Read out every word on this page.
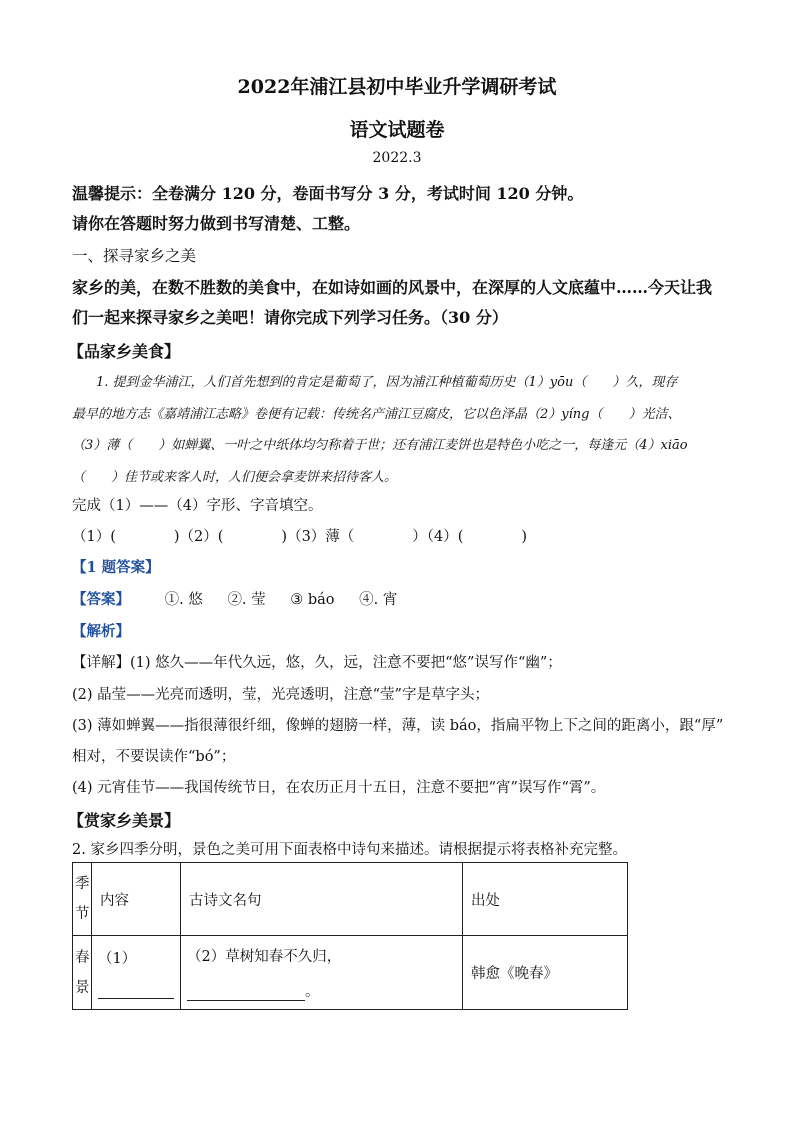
2022年浦江县初中毕业升学调研考试
语文试题卷
2022.3
温馨提示：全卷满分 120 分，卷面书写分 3 分，考试时间 120 分钟。
请你在答题时努力做到书写清楚、工整。
一、探寻家乡之美
家乡的美，在数不胜数的美食中，在如诗如画的风景中，在深厚的人文底蕴中……今天让我
们一起来探寻家乡之美吧！请你完成下列学习任务。（30 分）
【品家乡美食】
1. 提到金华浦江，人们首先想到的肯定是葡萄了，因为浦江种植葡萄历史（1）yōu（　　）久，现存
最早的地方志《嘉靖浦江志略》卷便有记载：传统名产浦江豆腐皮，它以色泽晶（2）yíng（　　）光洁、
（3）薄（　　）如蝉翼、一叶之中纸体均匀称着于世；还有浦江麦饼也是特色小吃之一，每逢元（4）xiāo
（　　）佳节或来客人时，人们便会拿麦饼来招待客人。
完成（1）——（4）字形、字音填空。
（1）(　　　　)（2）(　　　　)（3）薄（　　　　）（4）(　　　　)
【1 题答案】
【答案】 ①. 悠 ②. 莹 ③ báo ④. 宵
【解析】
【详解】(1) 悠久——年代久远，悠，久，远，注意不要把“悠”误写作“幽”；
(2) 晶莹——光亮而透明，莹，光亮透明，注意“莹”字是草字头；
(3) 薄如蝉翼——指很薄很纤细，像蝉的翅膀一样，薄，读 báo，指扁平物上下之间的距离小，跟“厚”
相对，不要误读作“bó”；
(4) 元宵佳节——我国传统节日，在农历正月十五日，注意不要把“宵”误写作“霄”。
【赏家乡美景】
2. 家乡四季分明，景色之美可用下面表格中诗句来描述。请根据提示将表格补充完整。
季节	内容	古诗文名句	出处
春景	（1）	（2）草树知春不久归，
。	韩愈《晚春》
